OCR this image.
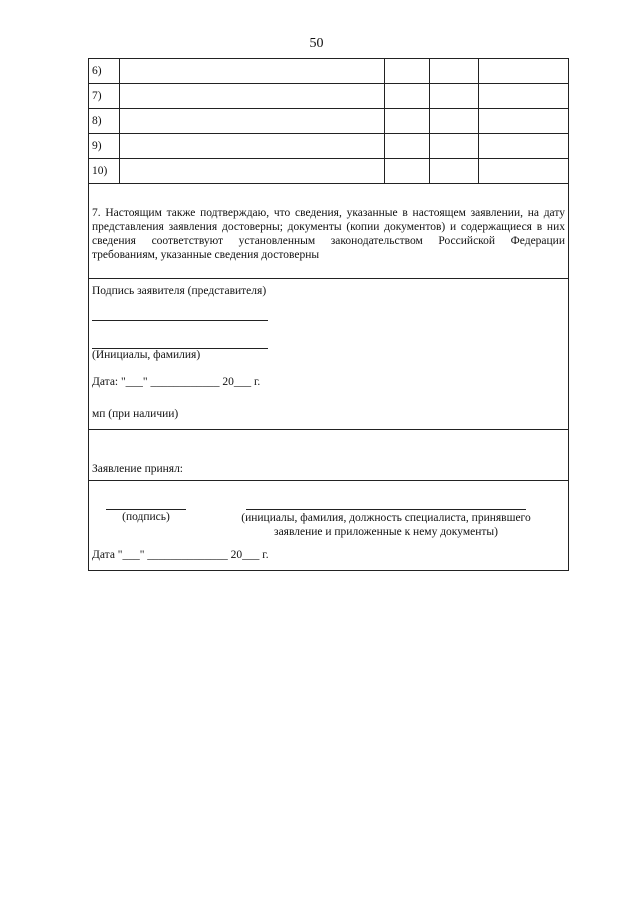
50
6)				
7)				
8)				
9)				
10)				
7. Настоящим также подтверждаю, что сведения, указанные в настоящем заявлении, на дату представления заявления достоверны; документы (копии документов) и содержащиеся в них сведения соответствуют установленным законодательством Российской Федерации требованиям, указанные сведения достоверны
Подпись заявителя (представителя)
(Инициалы, фамилия)
Дата: "___" ____________ 20___ г.
мп (при наличии)
Заявление принял:
(подпись)	(инициалы, фамилия, должность специалиста, принявшего заявление и приложенные к нему документы)
Дата "___" ______________ 20___ г.
